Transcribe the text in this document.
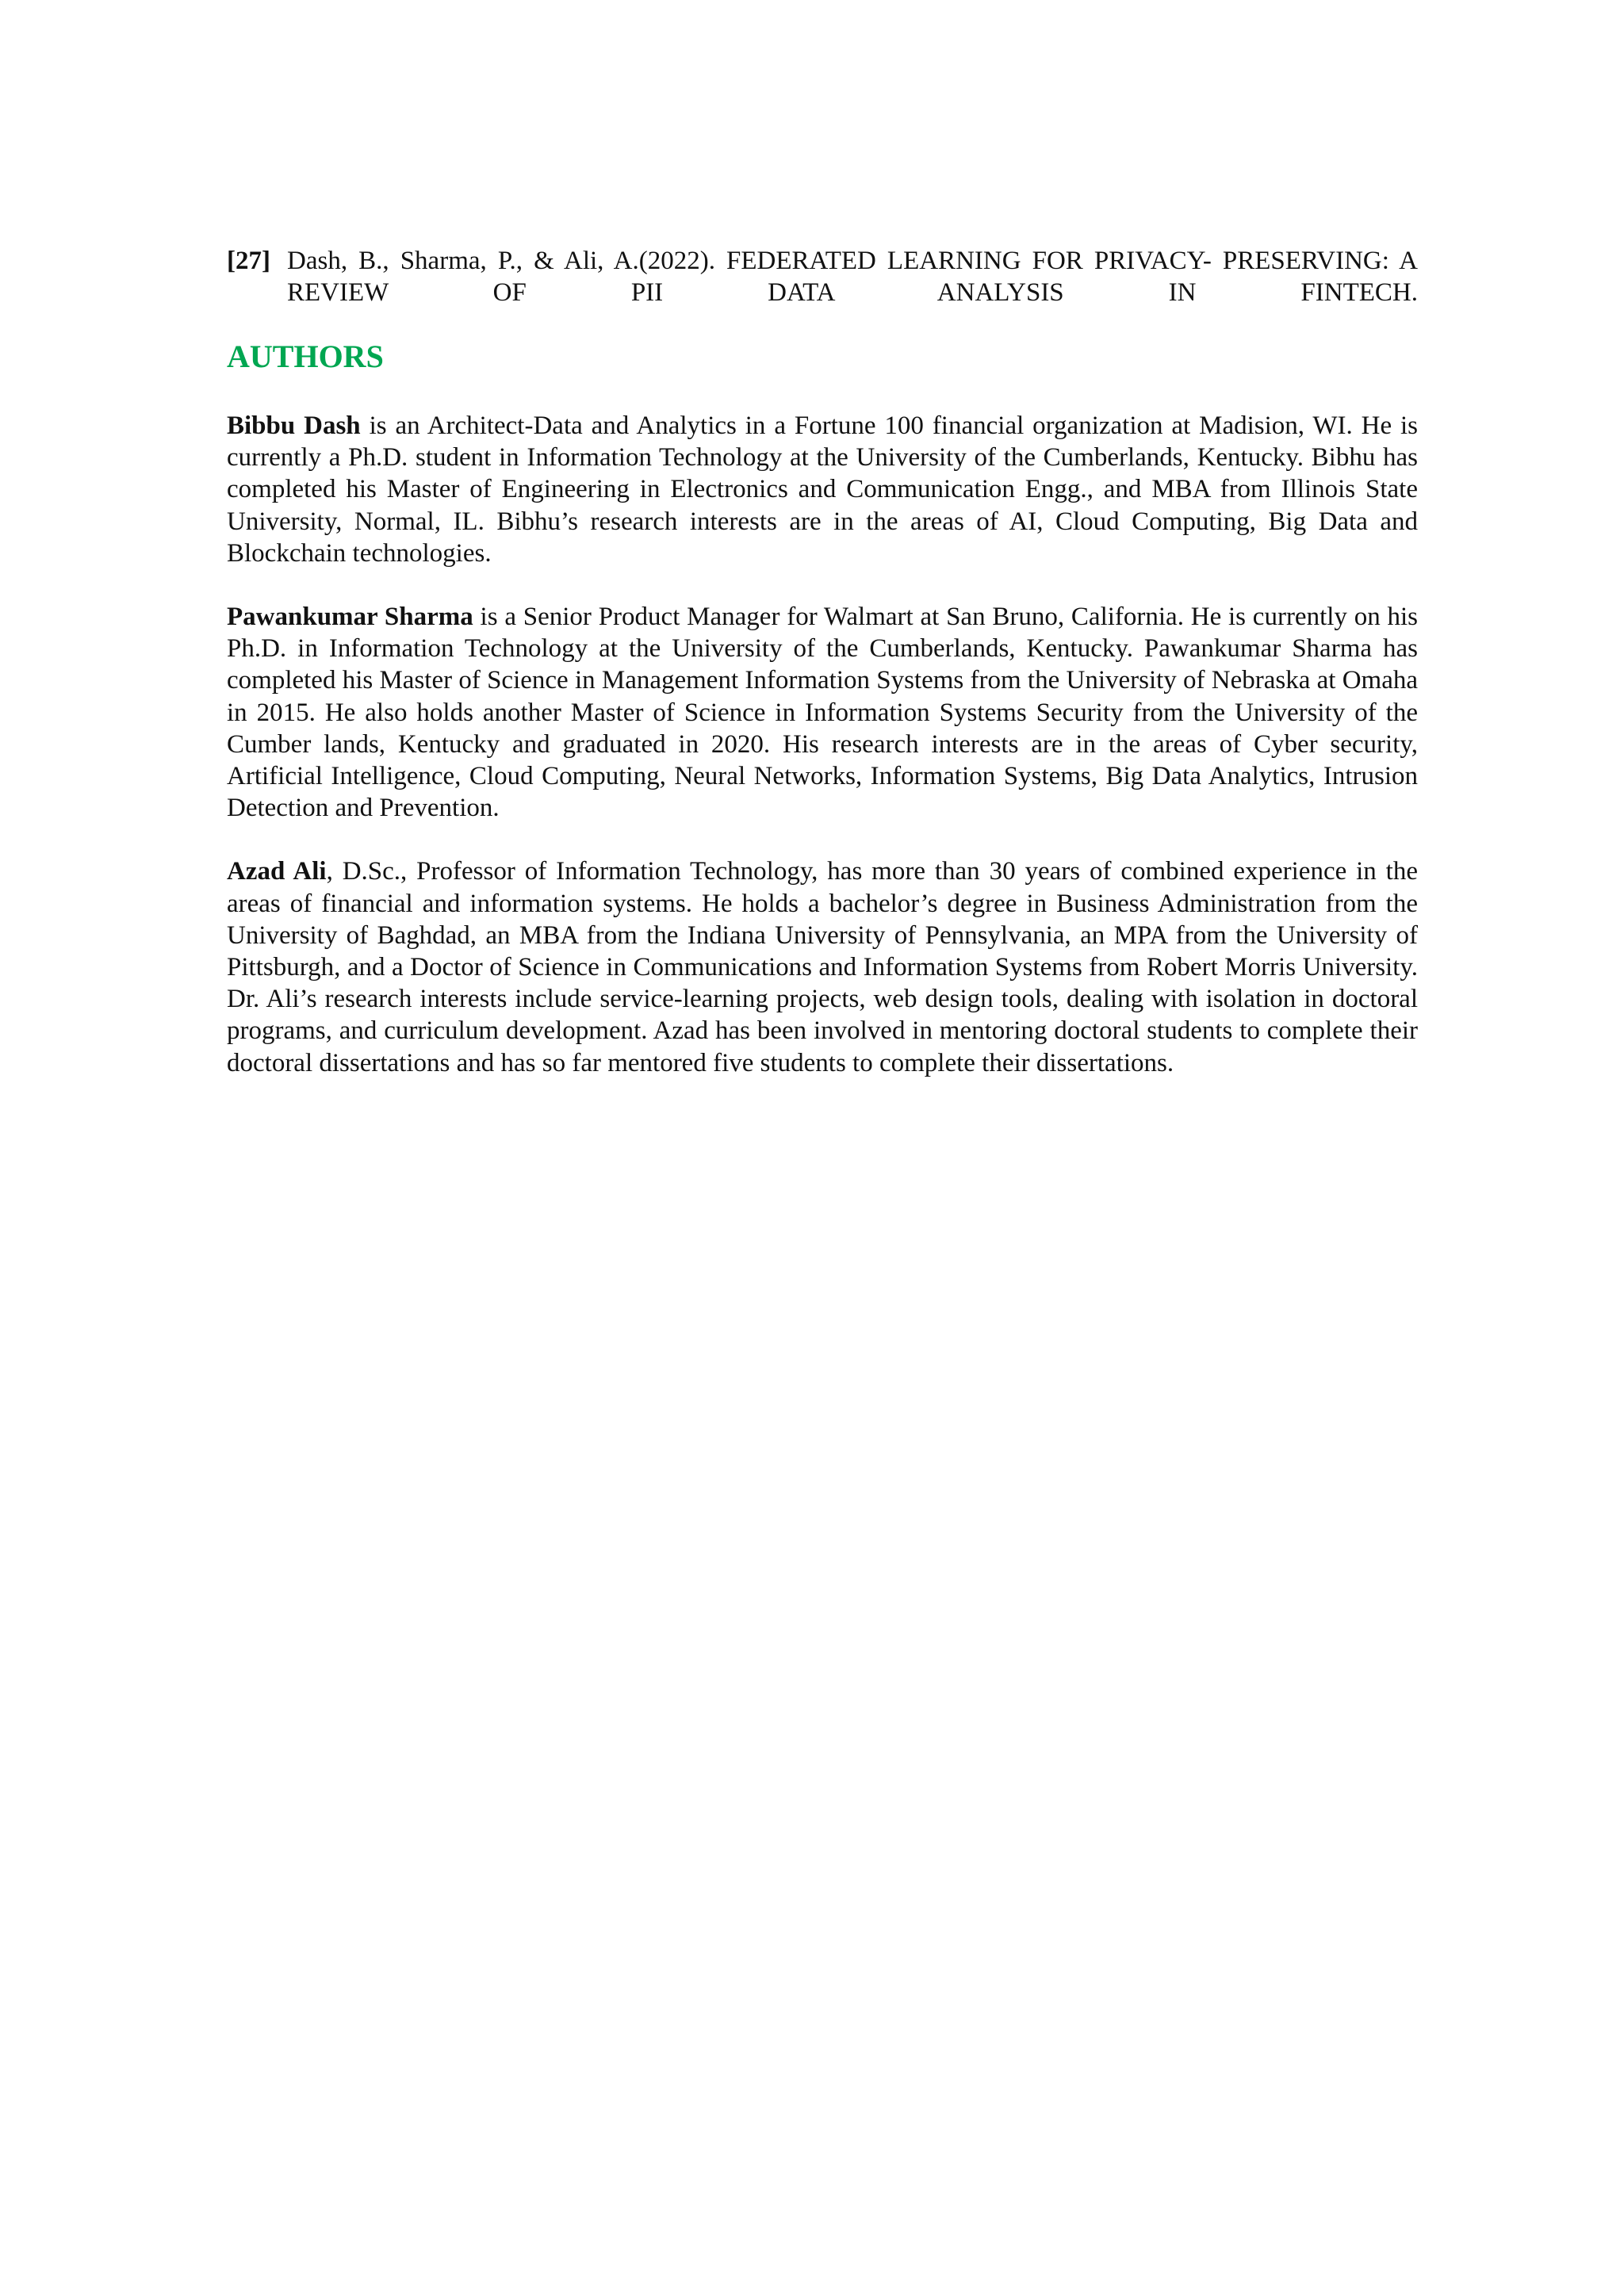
[27] Dash, B., Sharma, P., & Ali, A.(2022). FEDERATED LEARNING FOR PRIVACY- PRESERVING: A REVIEW OF PII DATA ANALYSIS IN FINTECH.
AUTHORS

Bibbu Dash is an Architect-Data and Analytics in a Fortune 100 financial organization at Madision, WI. He is currently a Ph.D. student in Information Technology at the University of the Cumberlands, Kentucky. Bibhu has completed his Master of Engineering in Electronics and Communication Engg., and MBA from Illinois State University, Normal, IL. Bibhu’s research interests are in the areas of AI, Cloud Computing, Big Data and Blockchain technologies.

Pawankumar Sharma is a Senior Product Manager for Walmart at San Bruno, California. He is currently on his Ph.D. in Information Technology at the University of the Cumberlands, Kentucky. Pawankumar Sharma has completed his Master of Science in Management Information Systems from the University of Nebraska at Omaha in 2015. He also holds another Master of Science in Information Systems Security from the University of the Cumber lands, Kentucky and graduated in 2020. His research interests are in the areas of Cyber security, Artificial Intelligence, Cloud Computing, Neural Networks, Information Systems, Big Data Analytics, Intrusion Detection and Prevention.

Azad Ali, D.Sc., Professor of Information Technology, has more than 30 years of combined experience in the areas of financial and information systems. He holds a bachelor’s degree in Business Administration from the University of Baghdad, an MBA from the Indiana University of Pennsylvania, an MPA from the University of Pittsburgh, and a Doctor of Science in Communications and Information Systems from Robert Morris University. Dr. Ali’s research interests include service-learning projects, web design tools, dealing with isolation in doctoral programs, and curriculum development. Azad has been involved in mentoring doctoral students to complete their doctoral dissertations and has so far mentored five students to complete their dissertations.
